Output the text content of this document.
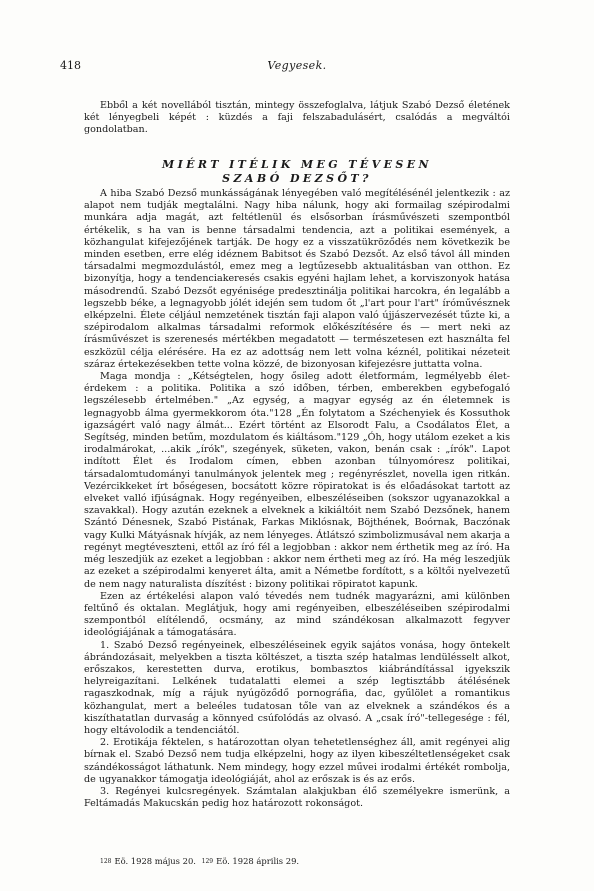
418	Vegyesek.

Ebből a két novellából tisztán, mintegy összefoglalva, látjuk Szabó Dezső életének két lényegbeli képét : küzdés a faji felszabadulásért, csalódás a megváltói gondolatban.

MIÉRT ITÉLIK MEG TÉVESEN
SZABÓ DEZSŐT?

A hiba Szabó Dezső munkásságának lényegében való megítélésénél jelentkezik : az alapot nem tudják megtalálni. Nagy hiba nálunk, hogy aki formailag szépirodalmi munkára adja magát, azt feltétlenül és elsősorban írásművészeti szempontból értékelik, s ha van is benne társadalmi tendencia, azt a politikai események, a közhangulat kifejezőjének tartják. De hogy ez a visszatükröződés nem következik be minden esetben, erre elég idéznem Babitsot és Szabó Dezsőt. Az első távol áll minden társadalmi megmozdulástól, emez meg a legtűzesebb aktualitásban van otthon. Ez bizonyítja, hogy a tendenciakeresés csakis egyéni hajlam lehet, a korviszonyok hatása másodrendű. Szabó Dezsőt egyénisége predesztinálja politikai harcokra, én legalább a legszebb béke, a legnagyobb jólét idején sem tudom őt „l'art pour l'art" íróművésznek elképzelni. Élete céljául nemzetének tisztán faji alapon való újjászervezését tűzte ki, a szépirodalom alkalmas társadalmi reformok előkészítésére és — mert neki az írásművészet is szerenesés mértékben megadatott — természetesen ezt használta fel eszközül célja elérésére. Ha ez az adottság nem lett volna kéznél, politikai nézeteit száraz értekezésekben tette volna közzé, de bizonyosan kifejezésre juttatta volna.

Maga mondja : „Kétségtelen, hogy ősileg adott életformám, legmélyebb életérdekem : a politika. Politika a szó időben, térben, emberekben egybefogaló legszélesebb értelmében." „Az egység, a magyar egység az én életemnek is legnagyobb álma gyermekkorom óta."128 „Én folytatom a Széchenyiek és Kossuthok igazságért való nagy álmát... Ezért történt az Elsorodt Falu, a Csodálatos Élet, a Segítség, minden betűm, mozdulatom és kiáltásom."129 „Óh, hogy utálom ezeket a kis irodalmárokat, ...akik „írók", szegények, süketen, vakon, benán csak : „írók". Lapot indított Élet és Irodalom címen, ebben azonban túlnyomóresz politikai, társadalomtudományi tanulmányok jelentek meg ; regényrészlet, novella igen ritkán. Vezércikkeket írt bőségesen, bocsátott közre röpiratokat is és előadásokat tartott az elveket valló ifjúságnak. Hogy regényeiben, elbeszéléseiben (sokszor ugyanazokkal a szavakkal). Hogy azután ezeknek a elveknek a kikiáltóit nem Szabó Dezsőnek, hanem Szántó Dénesnek, Szabó Pistának, Farkas Miklósnak, Böjthének, Boórnak, Baczónak vagy Kulki Mátyásnak hívják, az nem lényeges. Átlátszó szimbolizmusával nem akarja a regényt megtéveszteni, ettől az író fél a legjobban : akkor nem érthetik meg az író. Ha még leszedjük az ezeket a legjobban : akkor nem értheti meg az író. Ha még leszedjük az ezeket a szépirodalmi kenyeret álta, amit a Németbe fordított, s a költői nyelvezetű de nem nagy naturalista díszítést : bizony politikai röpiratot kapunk.

Ezen az értékelési alapon való tévedés nem tudnék magyarázni, ami különben feltűnő és oktalan. Meglátjuk, hogy ami regényeiben, elbeszéléseiben szépirodalmi szempontból elítélendő, ocsmány, az mind szándékosan alkalmazott fegyver ideológiájának a támogatására.

1. Szabó Dezső regényeinek, elbeszéléseinek egyik sajátos vonása, hogy öntekelt ábrándozásait, melyekben a tiszta költészet, a tiszta szép hatalmas lendülésselt alkot, erőszakos, kerestetten durva, erotikus, bombasztos kiábrándítással igyekszik helyreigazítani. Lelkének tudatalatti elemei a szép legtisztább átélésének ragaszkodnak, míg a rájuk nyúgöződő pornográfia, dac, gyűlölet a romantikus közhangulat, mert a beleéles tudatosan tőle van az elveknek a szándékos és a kiszíthatatlan durvaság a könnyed csúfolódás az olvasó. A „csak író"-tellegesége : fél, hogy eltávolodik a tendenciától.

2. Erotikája féktelen, s határozottan olyan tehetetlenséghez áll, amit regényei alig bírnak el. Szabó Dezső nem tudja elképzelni, hogy az ilyen kibeszéltetlenségeket csak szándékosságot láthatunk. Nem mindegy, hogy ezzel művei irodalmi értékét rombolja, de ugyanakkor támogatja ideológiáját, ahol az erőszak is és az erős.

3. Regényei kulcsregények. Számtalan alakjukban élő személyekre ismerünk, a Feltámadás Makucskán pedig hoz határozott rokonságot.

$^{128}$ Eö. 1928 május 20. $^{129}$ Eö. 1928 április 29.
